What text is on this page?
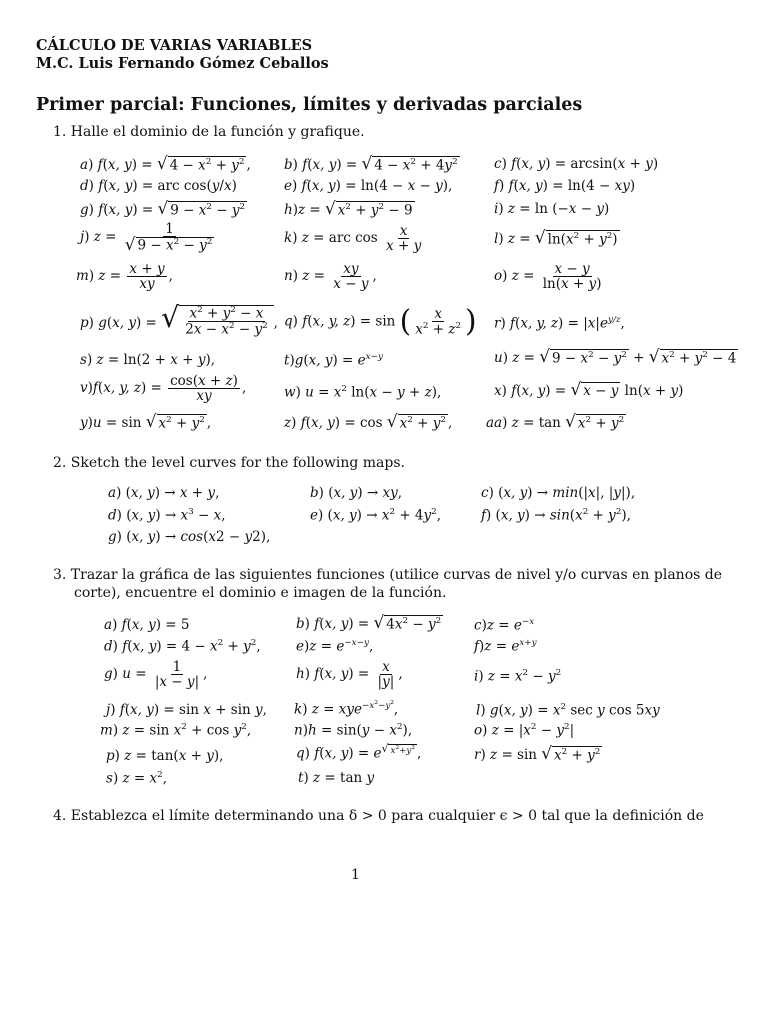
CÁLCULO DE VARIAS VARIABLES
M.C. Luis Fernando Gómez Ceballos
Primer parcial: Funciones, límites y derivadas parciales
1. Halle el dominio de la función y grafique.
a) f(x, y) = √ $4 - x^2 + y^2$ , b) f(x, y) = √ $4 - x^2 + 4y^2$	c) f(x, y) = arcsin(x + y)
d) f(x, y) = arc cos(y/x)	e) f(x, y) = ln(4 − x − y),	f) f(x, y) = ln(4 − xy)
g) f(x, y) = √ $9 - x^2 - y^2$	h)z = √ $x^2 + y^2 - 9$	i) z = ln (−x − y)
j) $z = \frac{1}{√ 9 - x^2 - y^2}$	k) z = arc $\cos \frac{x}{x + y}$	l) z = √ $\ln(x^2 + y^2)$
m) $z = \frac{x + y}{xy}$ ,	n) $z = \frac{xy}{x - y}$ ,	o) $z = \frac{x - y}{\ln(x + y)}$
p) g(x, y) = √ $\frac{x^2 + y^2 - x}{2x - x^2 - y^2}$ , q) f(x, y, z) = sin ( $\frac{x}{x^2 + z^2}$ ) r) f(x, y, $z) = |x|e^{y/z}$,
s) z = ln(2 + x + y),	t)g(x, $y) = e^{x-y}$	u) z = √ $9 - x^2 - y^2$ + √ $x^2 + y^2 - 4$
v)f(x, y, $z) = \frac{\cos(x + z)}{xy}$ ,	w) $u = x^2$ ln(x − y + z),	x) f(x, y) = √ x − y ln(x + y)
y)u = sin √ $x^2 + y^2$ ,	z) f(x, y) = cos √ $x^2 + y^2$ ,	aa) z = tan √ $x^2 + y^2$
2. Sketch the level curves for the following maps.
a) (x, y) → x + y,	b) (x, y) → xy,	c) (x, y) → min(|x|, |y|),
d) (x, $y) \to x^3 - x$,	e) (x, $y) \to x^2 + 4y^2$,	f) (x, $y) \to \sin(x^2 + y^2)$,
g) (x, y) → cos(x2 − y2),
3. Trazar la gráfica de las siguientes funciones (utilice curvas de nivel y/o curvas en planos de
corte), encuentre el dominio e imagen de la función.
a) f(x, y) = 5	b) f(x, y) = √ $4x^2 - y^2$ $c)z = e^{-x}$
d) f(x, $y) = 4 - x^2 + y^2$,	$e)z = e^{-x-y}$,	$f)z = e^{x+y}$
g) $u = \frac{1}{|x - y|}$ ,	h) f(x, $y) = \frac{x}{|y|}$ ,	i) $z = x^2 - y^2$
j) f(x, y) = sin x + sin y, k) z = xye$^{-x^2-y^2}$,	l) g(x, $y) = x^2$ sec y cos 5xy
m) $z = \sin x^2 + \cos y^2$,	$n)h = \sin(y - x^2)$,	o) $z = |x^2 - y^2|$
p) z = tan(x + y),	q) f(x, y) = e $^{√ x^2+y^2}$ ,	r) z = sin √ $x^2 + y^2$
s) $z = x^2$,	t) z = tan y
4. Establezca el límite determinando una δ > 0 para cualquier ϵ > 0 tal que la definición de
1
